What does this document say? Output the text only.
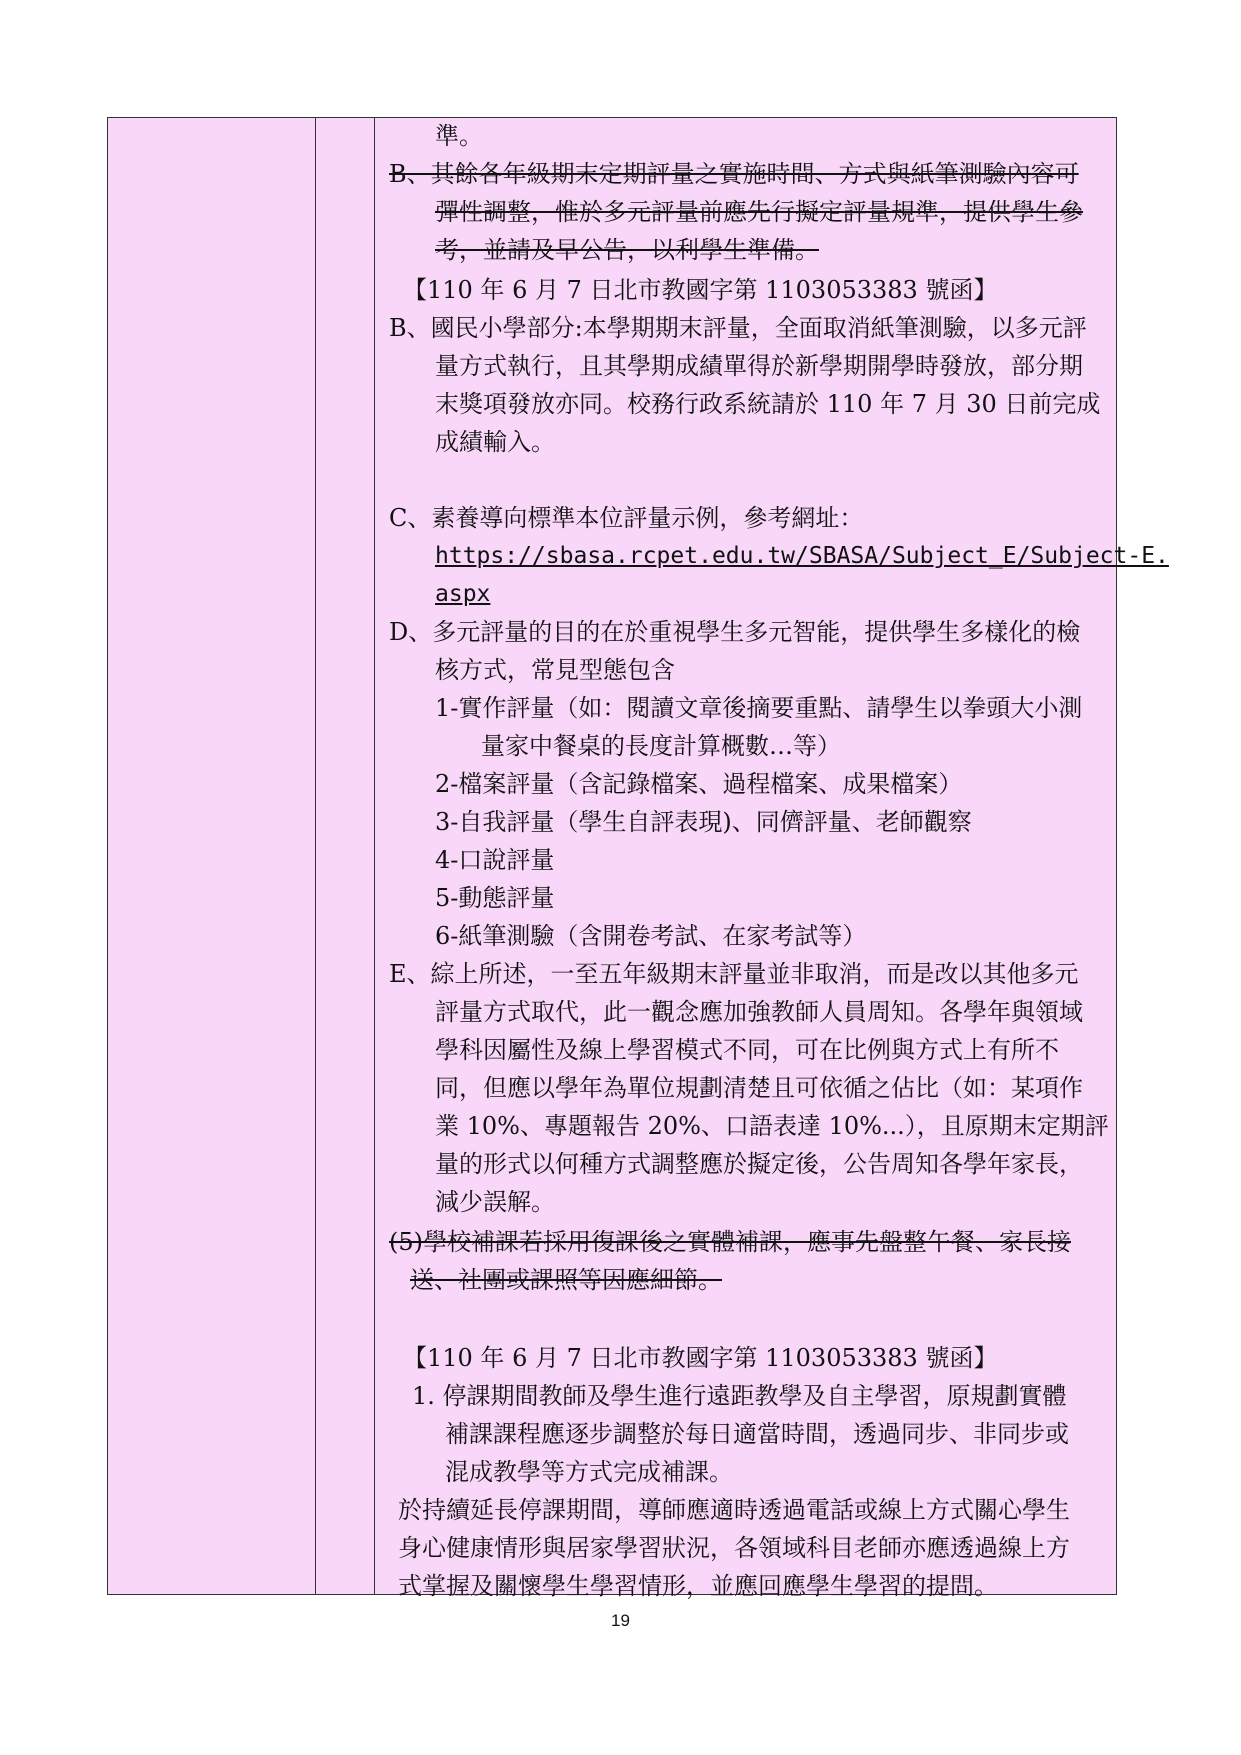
準。
B、其餘各年級期末定期評量之實施時間、方式與紙筆測驗內容可
彈性調整，惟於多元評量前應先行擬定評量規準，提供學生參
考，並請及早公告，以利學生準備。
【110 年 6 月 7 日北市教國字第 1103053383 號函】
B、國民小學部分:本學期期末評量，全面取消紙筆測驗，以多元評
量方式執行，且其學期成績單得於新學期開學時發放，部分期
末獎項發放亦同。校務行政系統請於 110 年 7 月 30 日前完成
成績輸入。
C、素養導向標準本位評量示例，參考網址：
https://sbasa.rcpet.edu.tw/SBASA/Subject_E/Subject-E.
aspx
D、多元評量的目的在於重視學生多元智能，提供學生多樣化的檢
核方式，常見型態包含
1-實作評量（如：閱讀文章後摘要重點、請學生以拳頭大小測
量家中餐桌的長度計算概數…等）
2-檔案評量（含記錄檔案、過程檔案、成果檔案）
3-自我評量（學生自評表現)、同儕評量、老師觀察
4-口說評量
5-動態評量
6-紙筆測驗（含開卷考試、在家考試等）
E、綜上所述，一至五年級期末評量並非取消，而是改以其他多元
評量方式取代，此一觀念應加強教師人員周知。各學年與領域
學科因屬性及線上學習模式不同，可在比例與方式上有所不
同，但應以學年為單位規劃清楚且可依循之佔比（如：某項作
業 10%、專題報告 20%、口語表達 10%...），且原期末定期評
量的形式以何種方式調整應於擬定後，公告周知各學年家長，
減少誤解。
(5)學校補課若採用復課後之實體補課，應事先盤整午餐、家長接
送、社團或課照等因應細節。
【110 年 6 月 7 日北市教國字第 1103053383 號函】
1. 停課期間教師及學生進行遠距教學及自主學習，原規劃實體
補課課程應逐步調整於每日適當時間，透過同步、非同步或
混成教學等方式完成補課。
於持續延長停課期間，導師應適時透過電話或線上方式關心學生
身心健康情形與居家學習狀況，各領域科目老師亦應透過線上方
式掌握及關懷學生學習情形，並應回應學生學習的提問。
19
